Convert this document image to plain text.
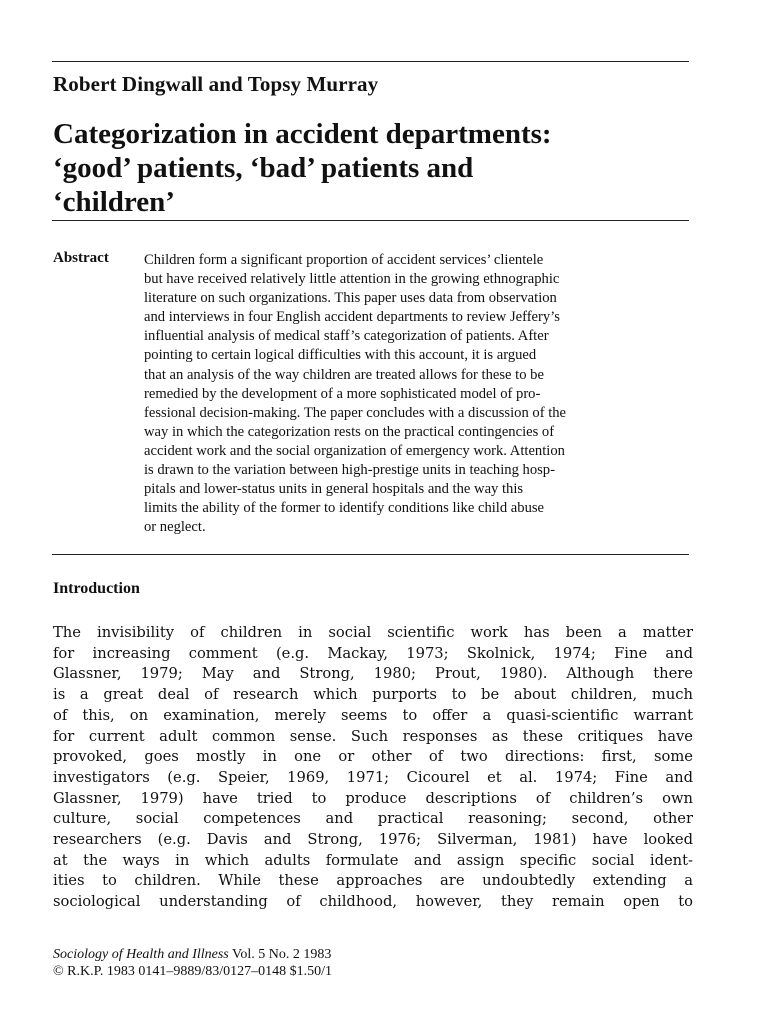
Robert Dingwall and Topsy Murray
Categorization in accident departments:
‘good’ patients, ‘bad’ patients and
‘children’
Abstract Children form a significant proportion of accident services’ clientele
but have received relatively little attention in the growing ethnographic
literature on such organizations. This paper uses data from observation
and interviews in four English accident departments to review Jeffery’s
influential analysis of medical staff’s categorization of patients. After
pointing to certain logical difficulties with this account, it is argued
that an analysis of the way children are treated allows for these to be
remedied by the development of a more sophisticated model of pro-
fessional decision-making. The paper concludes with a discussion of the
way in which the categorization rests on the practical contingencies of
accident work and the social organization of emergency work. Attention
is drawn to the variation between high-prestige units in teaching hosp-
pitals and lower-status units in general hospitals and the way this
limits the ability of the former to identify conditions like child abuse
or neglect.
Introduction
The invisibility of children in social scientific work has been a matter
for increasing comment (e.g. Mackay, 1973; Skolnick, 1974; Fine and
Glassner, 1979; May and Strong, 1980; Prout, 1980). Although there
is a great deal of research which purports to be about children, much
of this, on examination, merely seems to offer a quasi-scientific warrant
for current adult common sense. Such responses as these critiques have
provoked, goes mostly in one or other of two directions: first, some
investigators (e.g. Speier, 1969, 1971; Cicourel et al. 1974; Fine and
Glassner, 1979) have tried to produce descriptions of children’s own
culture, social competences and practical reasoning; second, other
researchers (e.g. Davis and Strong, 1976; Silverman, 1981) have looked
at the ways in which adults formulate and assign specific social ident-
ities to children. While these approaches are undoubtedly extending a
sociological understanding of childhood, however, they remain open to
Sociology of Health and Illness Vol. 5 No. 2 1983
© R.K.P. 1983 0141–9889/83/0127–0148 $1.50/1
